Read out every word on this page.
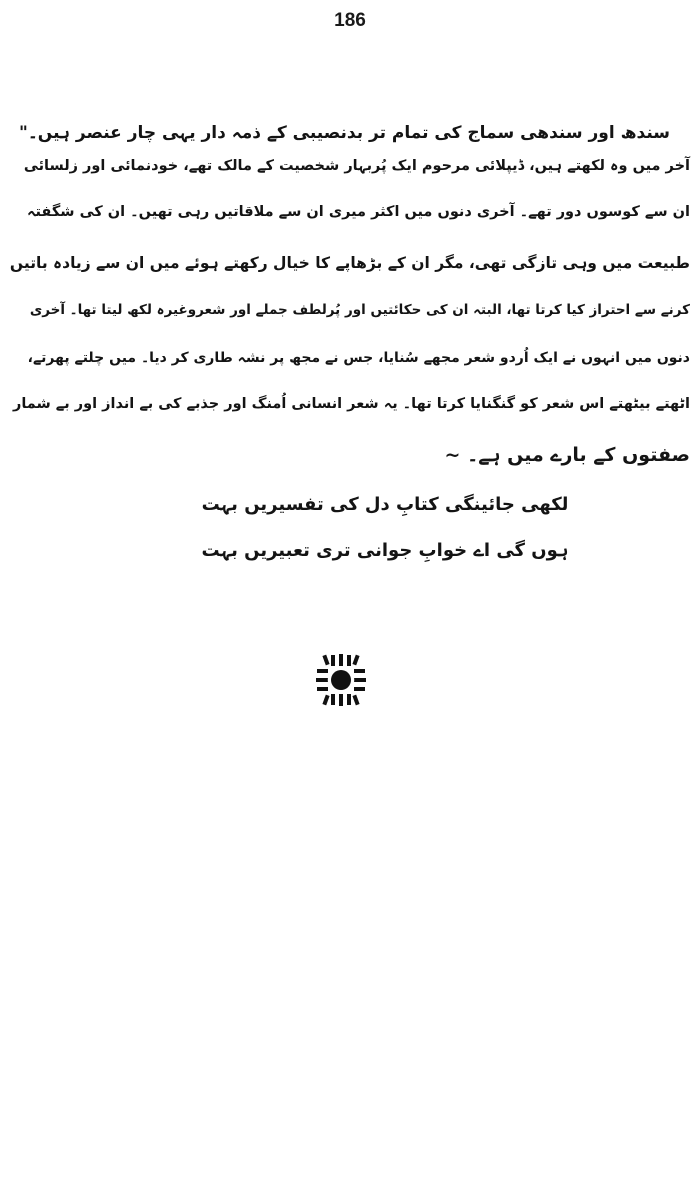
186
سندھ اور سندھی سماج کی تمام تر بدنصیبی کے ذمہ دار یہی چار عنصر ہیں۔"
آخر میں وہ لکھتے ہیں، ڈیپلائی مرحوم ایک پُربہار شخصیت کے مالک تھے، خودنمائی اور زلسائی
ان سے کوسوں دور تھے۔ آخری دنوں میں اکثر میری ان سے ملاقاتیں رہی تھیں۔ ان کی شگفتہ
طبیعت میں وہی تازگی تھی، مگر ان کے بڑھاپے کا خیال رکھتے ہوئے میں ان سے زیادہ باتیں
کرنے سے احتراز کیا کرتا تھا، البتہ ان کی حکائتیں اور پُرلطف جملے اور شعروغیرہ لکھ لیتا تھا۔ آخری
دنوں میں انہوں نے ایک اُردو شعر مجھے سُنایا، جس نے مجھ پر نشہ طاری کر دیا۔ میں چلتے پھرتے،
اٹھتے بیٹھتے اس شعر کو گنگنایا کرتا تھا۔ یہ شعر انسانی اُمنگ اور جذبے کی بے انداز اور بے شمار
صفتوں کے بارے میں ہے۔ ~
لکھی جائینگی کتابِ دل کی تفسیریں بہت
ہوں گی اے خوابِ جوانی تری تعبیریں بہت
